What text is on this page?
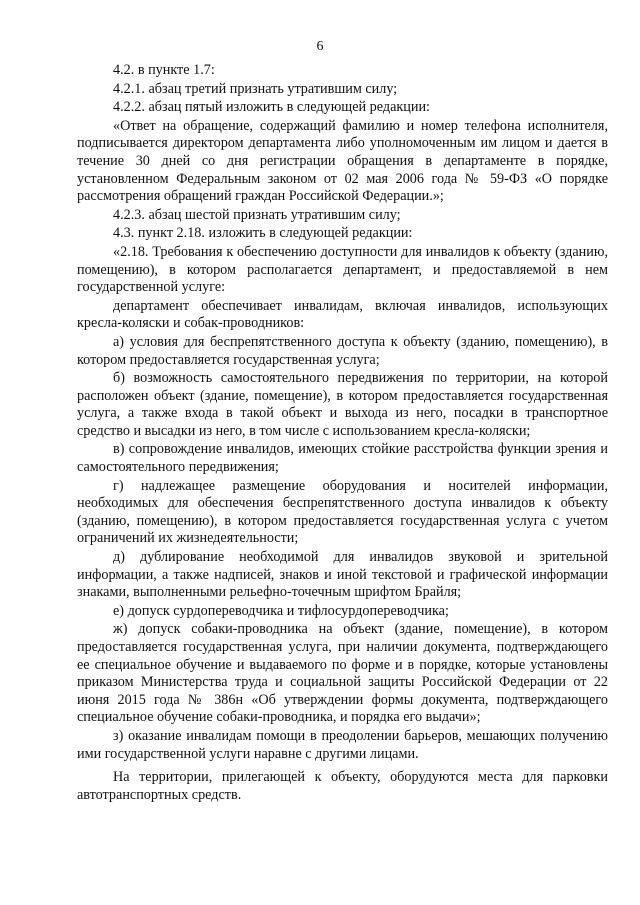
6

4.2. в пункте 1.7:

4.2.1. абзац третий признать утратившим силу;

4.2.2. абзац пятый изложить в следующей редакции:

«Ответ на обращение, содержащий фамилию и номер телефона исполнителя, подписывается директором департамента либо уполномоченным им лицом и дается в течение 30 дней со дня регистрации обращения в департаменте в порядке, установленном Федеральным законом от 02 мая 2006 года № 59-ФЗ «О порядке рассмотрения обращений граждан Российской Федерации.»;

4.2.3. абзац шестой признать утратившим силу;

4.3. пункт 2.18. изложить в следующей редакции:

«2.18. Требования к обеспечению доступности для инвалидов к объекту (зданию, помещению), в котором располагается департамент, и предоставляемой в нем государственной услуге:

департамент обеспечивает инвалидам, включая инвалидов, использующих кресла-коляски и собак-проводников:

а) условия для беспрепятственного доступа к объекту (зданию, помещению), в котором предоставляется государственная услуга;

б) возможность самостоятельного передвижения по территории, на которой расположен объект (здание, помещение), в котором предоставляется государственная услуга, а также входа в такой объект и выхода из него, посадки в транспортное средство и высадки из него, в том числе с использованием кресла-коляски;

в) сопровождение инвалидов, имеющих стойкие расстройства функции зрения и самостоятельного передвижения;

г) надлежащее размещение оборудования и носителей информации, необходимых для обеспечения беспрепятственного доступа инвалидов к объекту (зданию, помещению), в котором предоставляется государственная услуга с учетом ограничений их жизнедеятельности;

д) дублирование необходимой для инвалидов звуковой и зрительной информации, а также надписей, знаков и иной текстовой и графической информации знаками, выполненными рельефно-точечным шрифтом Брайля;

е) допуск сурдопереводчика и тифлосурдопереводчика;

ж) допуск собаки-проводника на объект (здание, помещение), в котором предоставляется государственная услуга, при наличии документа, подтверждающего ее специальное обучение и выдаваемого по форме и в порядке, которые установлены приказом Министерства труда и социальной защиты Российской Федерации от 22 июня 2015 года № 386н «Об утверждении формы документа, подтверждающего специальное обучение собаки-проводника, и порядка его выдачи»;

з) оказание инвалидам помощи в преодолении барьеров, мешающих получению ими государственной услуги наравне с другими лицами.

На территории, прилегающей к объекту, оборудуются места для парковки автотранспортных средств.
